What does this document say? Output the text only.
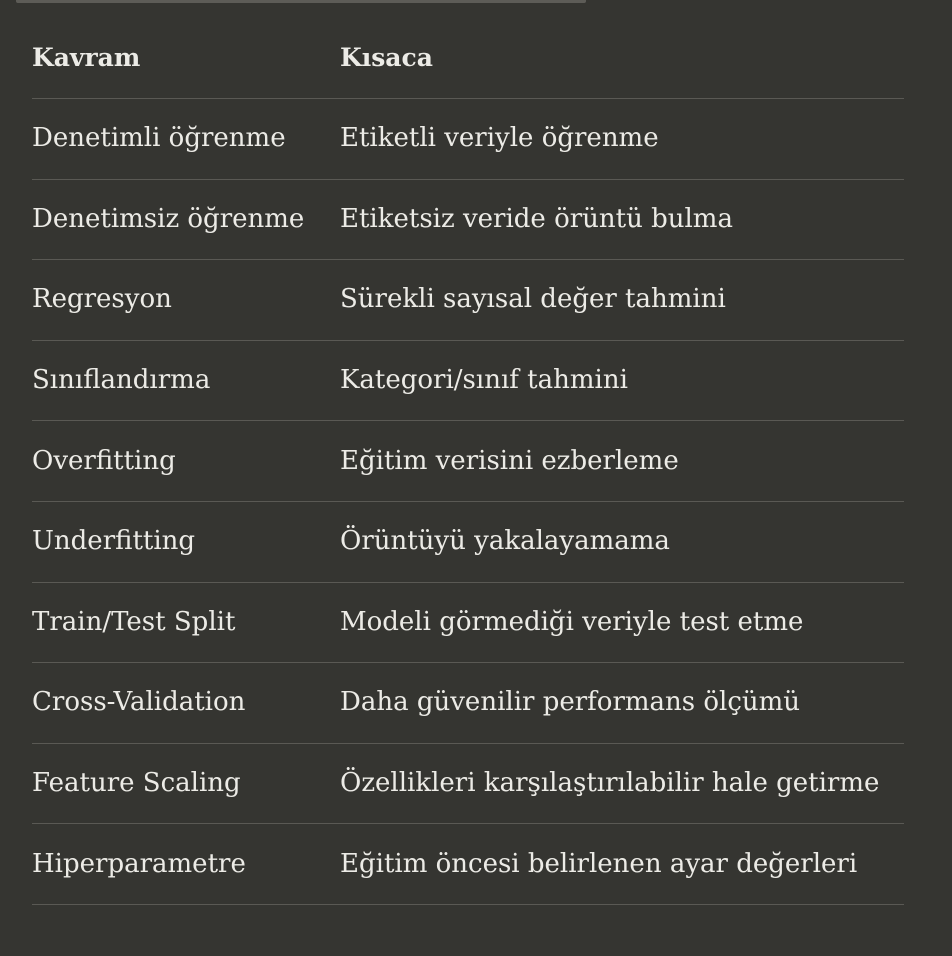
Kavram	Kısaca
Denetimli öğrenme	Etiketli veriyle öğrenme
Denetimsiz öğrenme	Etiketsiz veride örüntü bulma
Regresyon	Sürekli sayısal değer tahmini
Sınıflandırma	Kategori/sınıf tahmini
Overfitting	Eğitim verisini ezberleme
Underfitting	Örüntüyü yakalayamama
Train/Test Split	Modeli görmediği veriyle test etme
Cross-Validation	Daha güvenilir performans ölçümü
Feature Scaling	Özellikleri karşılaştırılabilir hale getirme
Hiperparametre	Eğitim öncesi belirlenen ayar değerleri
